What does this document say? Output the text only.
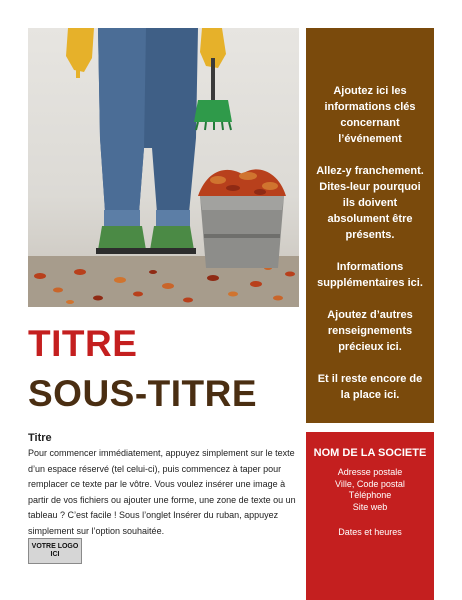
Ajoutez ici les informations clés concernant l’événement
Allez-y franchement. Dites-leur pourquoi ils doivent absolument être présents.
Informations supplémentaires ici.
Ajoutez d’autres renseignements précieux ici.
Et il reste encore de la place ici.
NOM DE LA SOCIETE
Adresse postale
Ville, Code postal
Téléphone
Site web
Dates et heures
TITRE
SOUS-TITRE
Titre
Pour commencer immédiatement, appuyez simplement sur le texte d’un espace réservé (tel celui-ci), puis commencez à taper pour remplacer ce texte par le vôtre. Vous voulez insérer une image à partir de vos fichiers ou ajouter une forme, une zone de texte ou un tableau ? C’est facile ! Sous l’onglet Insérer du ruban, appuyez simplement sur l’option souhaitée.
VOTRE LOGO ICI
